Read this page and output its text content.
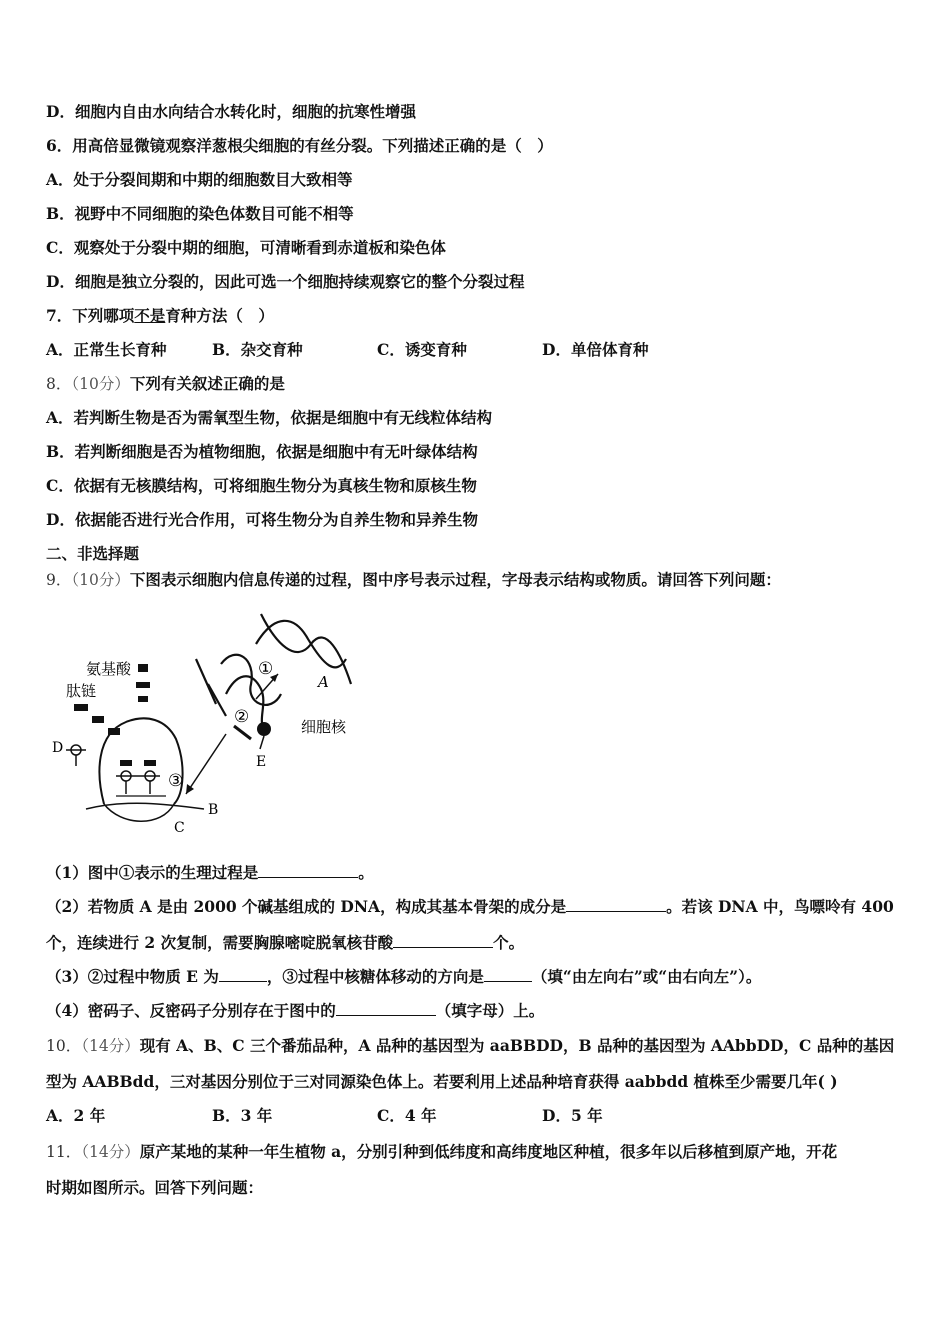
D．细胞内自由水向结合水转化时，细胞的抗寒性增强
6．用高倍显微镜观察洋葱根尖细胞的有丝分裂。下列描述正确的是（　）
A．处于分裂间期和中期的细胞数目大致相等
B．视野中不同细胞的染色体数目可能不相等
C．观察处于分裂中期的细胞，可清晰看到赤道板和染色体
D．细胞是独立分裂的，因此可选一个细胞持续观察它的整个分裂过程
7．下列哪项不是育种方法（　）
A．正常生长育种	B．杂交育种	C．诱变育种	D．单倍体育种
8．（10分）下列有关叙述正确的是
A．若判断生物是否为需氧型生物，依据是细胞中有无线粒体结构
B．若判断细胞是否为植物细胞，依据是细胞中有无叶绿体结构
C．依据有无核膜结构，可将细胞生物分为真核生物和原核生物
D．依据能否进行光合作用，可将生物分为自养生物和异养生物
二、非选择题
9．（10分）下图表示细胞内信息传递的过程，图中序号表示过程，字母表示结构或物质。请回答下列问题：
①
②
③
A
E
细胞核
氨基酸
肽链
D
B
C
（1）图中①表示的生理过程是	。
（2）若物质 A 是由 2000 个碱基组成的 DNA，构成其基本骨架的成分是	。若该 DNA 中，鸟嘌呤有 400
个，连续进行 2 次复制，需要胸腺嘧啶脱氧核苷酸	个。
（3）②过程中物质 E 为	，③过程中核糖体移动的方向是	（填“由左向右”或“由右向左”）。
（4）密码子、反密码子分别存在于图中的	（填字母）上。
10．（14分）现有 A、B、C 三个番茄品种，A 品种的基因型为 aaBBDD，B 品种的基因型为 AAbbDD，C 品种的基因
型为 AABBdd，三对基因分别位于三对同源染色体上。若要利用上述品种培育获得 aabbdd 植株至少需要几年( )
A．2 年	B．3 年	C．4 年	D．5 年
11．（14分）原产某地的某种一年生植物 a，分别引种到低纬度和高纬度地区种植，很多年以后移植到原产地，开花
时期如图所示。回答下列问题：
